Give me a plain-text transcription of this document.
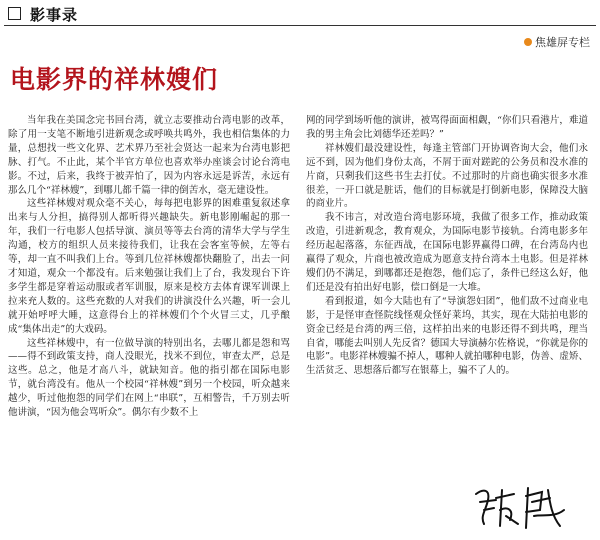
影事录
焦雄屏专栏
电影界的祥林嫂们

当年我在美国念完书回台湾，就立志要推动台湾电影的改革，除了用一支笔不断地引进新观念或呼唤共鸣外，我也相信集体的力量，总想找一些文化界、艺术界乃至社会贤达一起来为台湾电影把脉、打气。不止此，某个半官方单位也喜欢举办座谈会讨论台湾电影。不过，后来，我终于被弄怕了，因为内容永远是诉苦，永远有那么几个“祥林嫂”，到哪儿都千篇一律的倒苦水，毫无建设性。

这些祥林嫂对观众毫不关心，每每把电影界的困难重复叙述拿出来与人分担，搞得别人都听得兴趣缺失。新电影刚崛起的那一年，我们一行电影人包括导演、演员等等去台湾的清华大学与学生沟通，校方的组织人员来接待我们，让我在会客室等候，左等右等，却一直不叫我们上台。等到几位祥林嫂都快翻脸了，出去一问才知道，观众一个都没有。后来勉强让我们上了台，我发现台下许多学生都是穿着运动服或者军训服，原来是校方去体育课军训课上拉来充人数的。这些充数的人对我们的讲演没什么兴趣，听一会儿就开始呼呼大睡，这意得台上的祥林嫂们个个火冒三丈，几乎酿成“集体出走”的大戏码。

这些祥林嫂中，有一位做导演的特别出名，去哪儿都是怨和骂——得不到政策支持，商人没眼光，找米不到位，审查太严，总是这些。总之，他是才高八斗，就缺知音。他的指引都在国际电影节，就台湾没有。他从一个校园“祥林嫂”到另一个校园，听众越来越少，听过他抱怨的同学们在网上“串联”，互相警告，千万别去听他讲演，“因为他会骂听众”。偶尔有少数不上

网的同学到场听他的演讲，被骂得面面相觑，“你们只看港片，难道我的男主角会比刘德华还差吗？”

祥林嫂们最没建设性，每逢主管部门开协调咨询大会，他们永远不到，因为他们身份太高，不屑于面对蹉跎的公务员和没水准的片商，只剩我们这些书生去打仗。不过那时的片商也确实很多水准很差，一开口就是脏话，他们的目标就是打倒新电影，保障没大脑的商业片。

我不讳言，对改造台湾电影环境，我做了很多工作，推动政策改造，引进新观念，教育观众，为国际电影节接轨。台湾电影多年经历起起落落，东征西战，在国际电影界赢得口碑，在台湾岛内也赢得了观众，片商也被改造成为愿意支持台湾本土电影。但是祥林嫂们仍不满足，到哪都还是抱怨，他们忘了，条件已经这么好，他们还是没有拍出好电影，偿口倒是一大堆。

看到报道，如今大陆也有了“导演怨妇团”，他们敌不过商业电影，于是怪审查怪院线怪观众怪好莱坞，其实，现在大陆拍电影的资金已经是台湾的两三倍，这样拍出来的电影还得不到共鸣，理当自省，哪能去叫别人先反省？德国大导演赫尔佐格说，“你就是你的电影”。电影祥林嫂骗不掉人，哪种人就拍哪种电影，伪善、虚矫、生活贫乏、思想落后都写在银幕上，骗不了人的。
